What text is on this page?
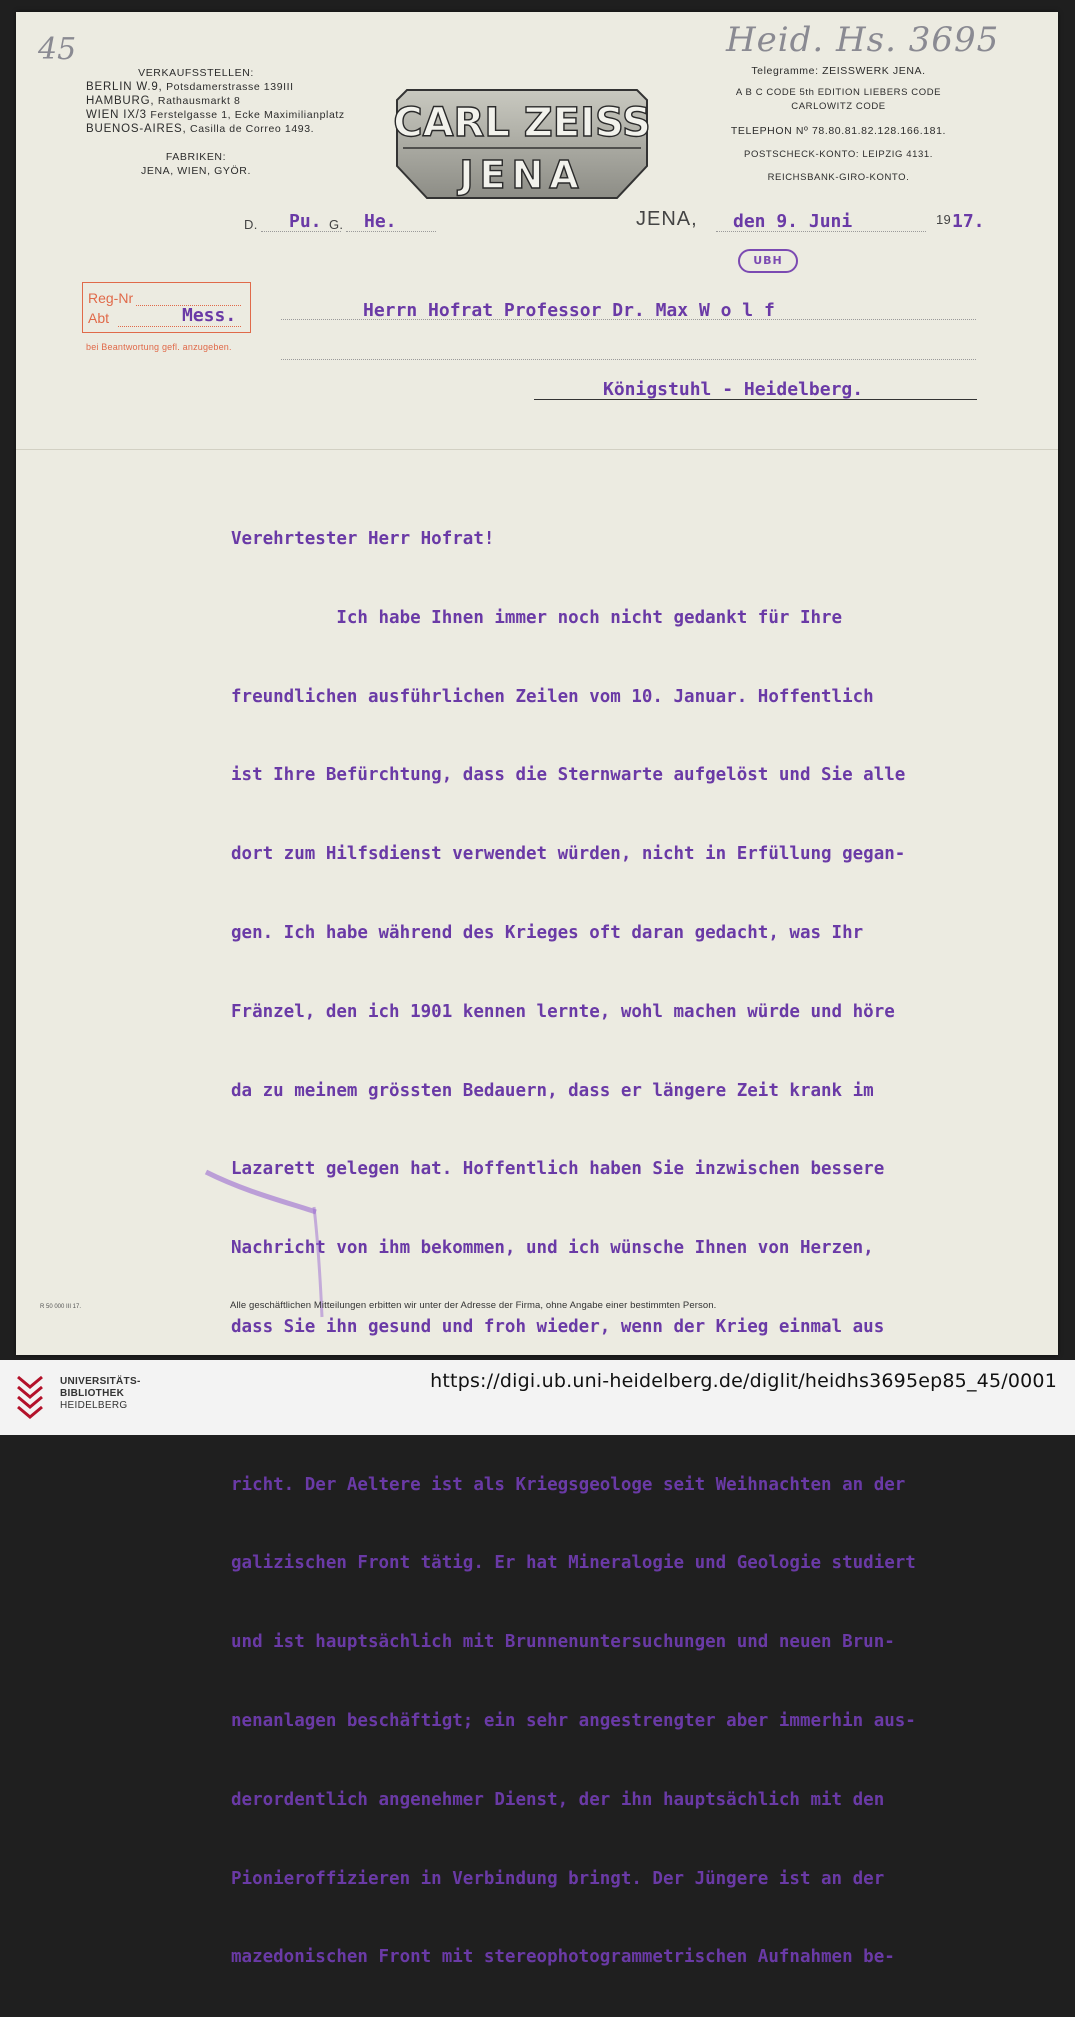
45	Heid. Hs. 3695
VERKAUFSSTELLEN:
BERLIN W.9, Potsdamerstrasse 139III
HAMBURG, Rathausmarkt 8
WIEN IX/3 Ferstelgasse 1, Ecke Maximilianplatz
BUENOS-AIRES, Casilla de Correo 1493.
FABRIKEN:
JENA, WIEN, GYÖR.
CARL ZEISS
JENA
Telegramme: ZEISSWERK JENA.
A B C CODE 5th EDITION LIEBERS CODE
CARLOWITZ CODE
TELEPHON Nº 78.80.81.82.128.166.181.
POSTSCHECK-KONTO: LEIPZIG 4131.
REICHSBANK-GIRO-KONTO.
D. Pu. G. He.	JENA, den 9. Juni	19 17.
UBH
Reg-Nr
Abt	Mess.
bei Beantwortung gefl. anzugeben.
Herrn Hofrat Professor Dr. Max W o l f
Königstuhl - Heidelberg.

Verehrtester Herr Hofrat!

Ich habe Ihnen immer noch nicht gedankt für Ihre

freundlichen ausführlichen Zeilen vom 10. Januar. Hoffentlich

ist Ihre Befürchtung, dass die Sternwarte aufgelöst und Sie alle

dort zum Hilfsdienst verwendet würden, nicht in Erfüllung gegan-

gen. Ich habe während des Krieges oft daran gedacht, was Ihr

Fränzel, den ich 1901 kennen lernte, wohl machen würde und höre

da zu meinem grössten Bedauern, dass er längere Zeit krank im

Lazarett gelegen hat. Hoffentlich haben Sie inzwischen bessere

Nachricht von ihm bekommen, und ich wünsche Ihnen von Herzen,

dass Sie ihn gesund und froh wieder, wenn der Krieg einmal aus

richt. Der Aeltere ist als Kriegsgeologe seit Weihnachten an der

galizischen Front tätig. Er hat Mineralogie und Geologie studiert

und ist hauptsächlich mit Brunnenuntersuchungen und neuen Brun-

nenanlagen beschäftigt; ein sehr angestrengter aber immerhin aus-

derordentlich angenehmer Dienst, der ihn hauptsächlich mit den

Pionieroffizieren in Verbindung bringt. Der Jüngere ist an der

mazedonischen Front mit stereophotogrammetrischen Aufnahmen be-

R 50 000 III 17.	Alle geschäftlichen Mitteilungen erbitten wir unter der Adresse der Firma, ohne Angabe einer bestimmten Person.
UNIVERSITÄTS-
BIBLIOTHEK
HEIDELBERG
https://digi.ub.uni-heidelberg.de/diglit/heidhs3695ep85_45/0001
